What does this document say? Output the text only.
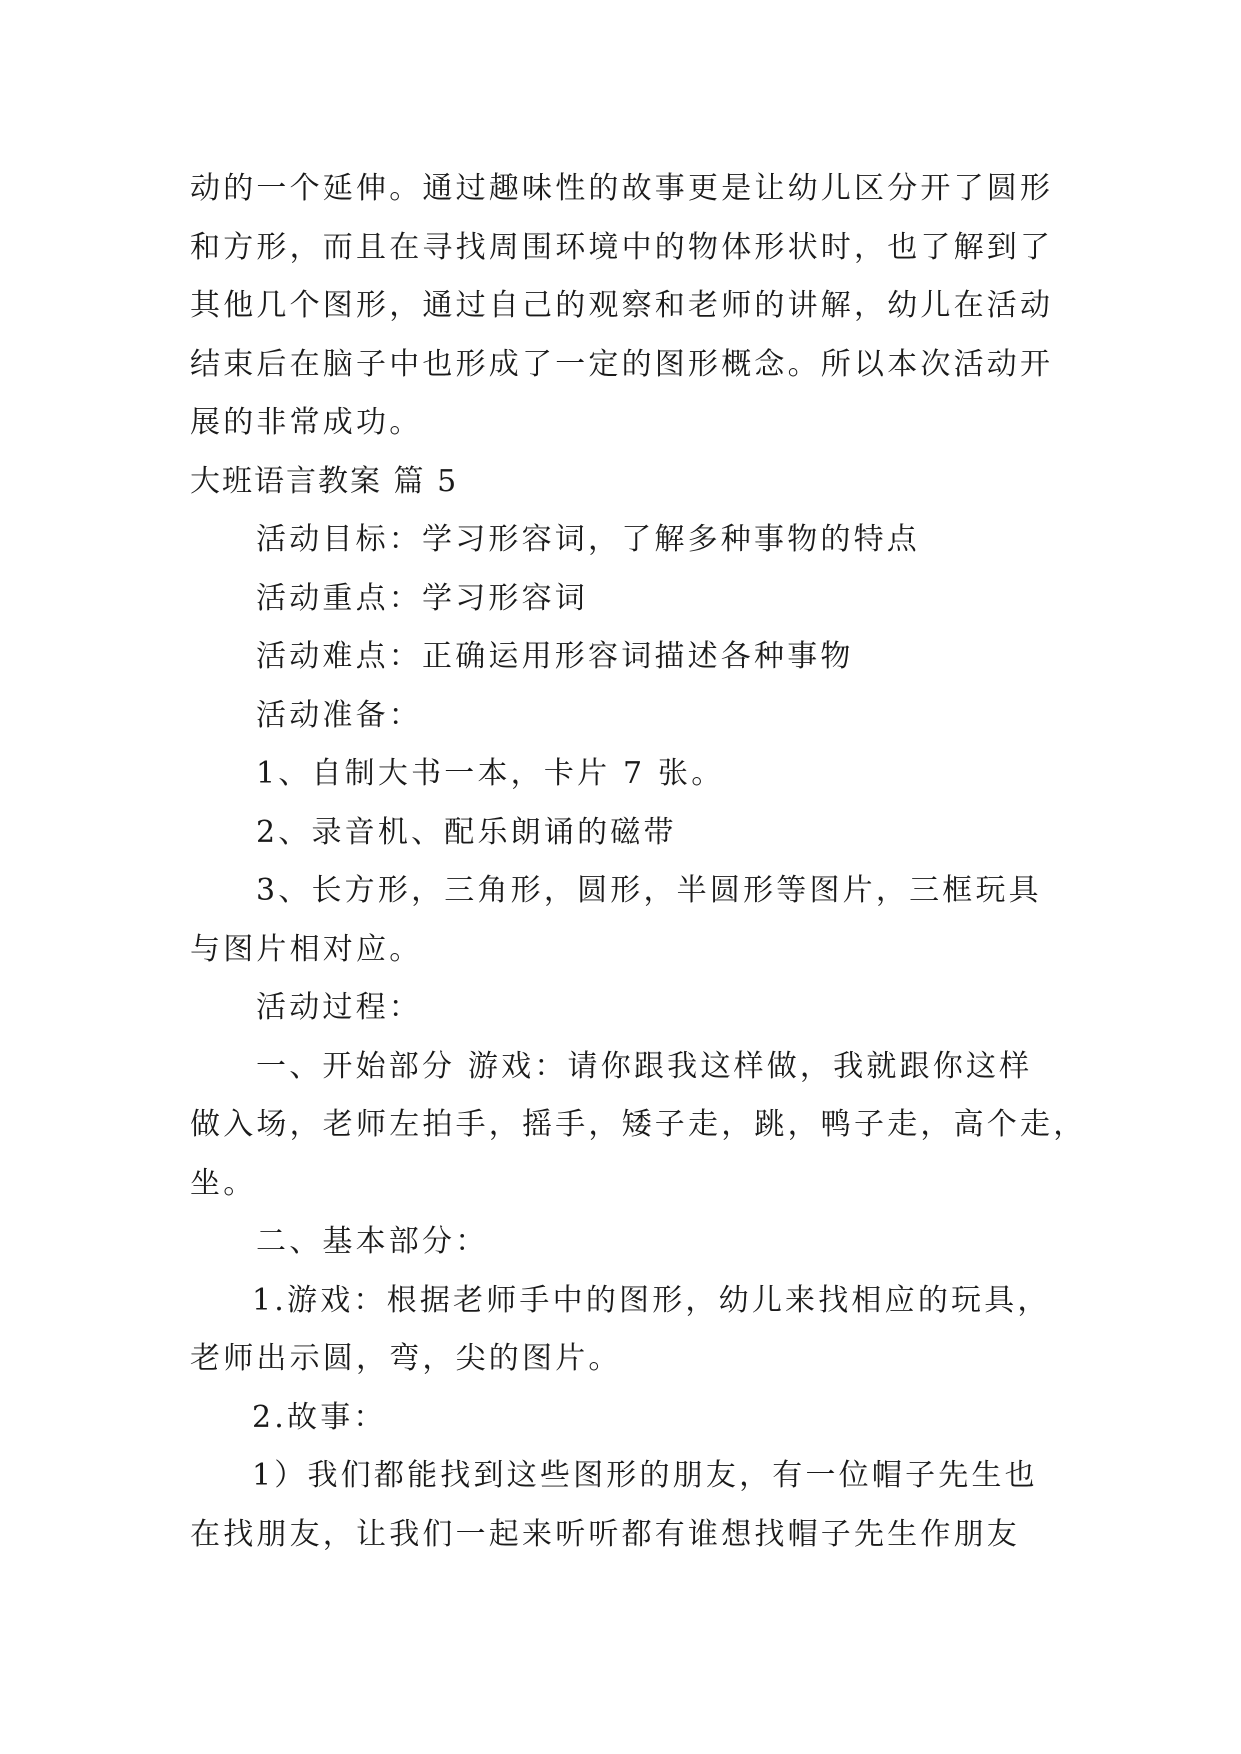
动的一个延伸。通过趣味性的故事更是让幼儿区分开了圆形
和方形，而且在寻找周围环境中的物体形状时，也了解到了
其他几个图形，通过自己的观察和老师的讲解，幼儿在活动
结束后在脑子中也形成了一定的图形概念。所以本次活动开
展的非常成功。
大班语言教案 篇 5
活动目标：学习形容词，了解多种事物的特点
活动重点：学习形容词
活动难点：正确运用形容词描述各种事物
活动准备：
1、自制大书一本，卡片 7 张。
2、录音机、配乐朗诵的磁带
3、长方形，三角形，圆形，半圆形等图片，三框玩具
与图片相对应。
活动过程：
一、开始部分 游戏：请你跟我这样做，我就跟你这样
做入场，老师左拍手，摇手，矮子走，跳，鸭子走，高个走，
坐。
二、基本部分：
1.游戏：根据老师手中的图形，幼儿来找相应的玩具，
老师出示圆，弯，尖的图片。
2.故事：
1）我们都能找到这些图形的朋友，有一位帽子先生也
在找朋友，让我们一起来听听都有谁想找帽子先生作朋友
